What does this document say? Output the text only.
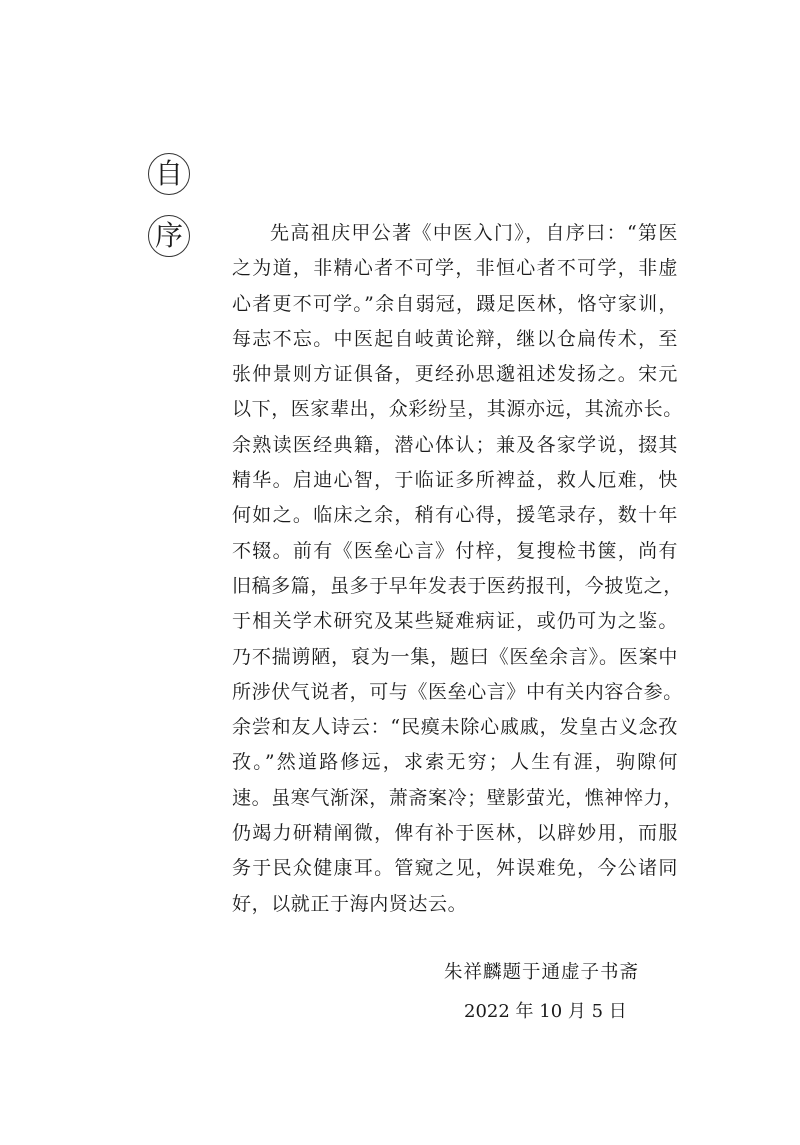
自
序	先高祖庆甲公著《中医入门》，自序曰：“第医
之为道，非精心者不可学，非恒心者不可学，非虚
心者更不可学。”余自弱冠，蹑足医林，恪守家训，
每志不忘。中医起自岐黄论辩，继以仓扁传术，至
张仲景则方证俱备，更经孙思邈祖述发扬之。宋元
以下，医家辈出，众彩纷呈，其源亦远，其流亦长。
余熟读医经典籍，潜心体认；兼及各家学说，掇其
精华。启迪心智，于临证多所裨益，救人厄难，快
何如之。临床之余，稍有心得，援笔录存，数十年
不辍。前有《医垒心言》付梓，复搜检书箧，尚有
旧稿多篇，虽多于早年发表于医药报刊，今披览之，
于相关学术研究及某些疑难病证，或仍可为之鉴。
乃不揣谫陋，裒为一集，题曰《医垒余言》。医案中
所涉伏气说者，可与《医垒心言》中有关内容合参。
余尝和友人诗云：“民瘼未除心戚戚，发皇古义念孜
孜。”然道路修远，求索无穷；人生有涯，驹隙何
速。虽寒气渐深，萧斋案冷；壁影萤光，憔神悴力，
仍竭力研精阐微，俾有补于医林，以辟妙用，而服
务于民众健康耳。管窥之见，舛误难免，今公诸同
好，以就正于海内贤达云。
朱祥麟题于通虚子书斋
2022 年 10 月 5 日
